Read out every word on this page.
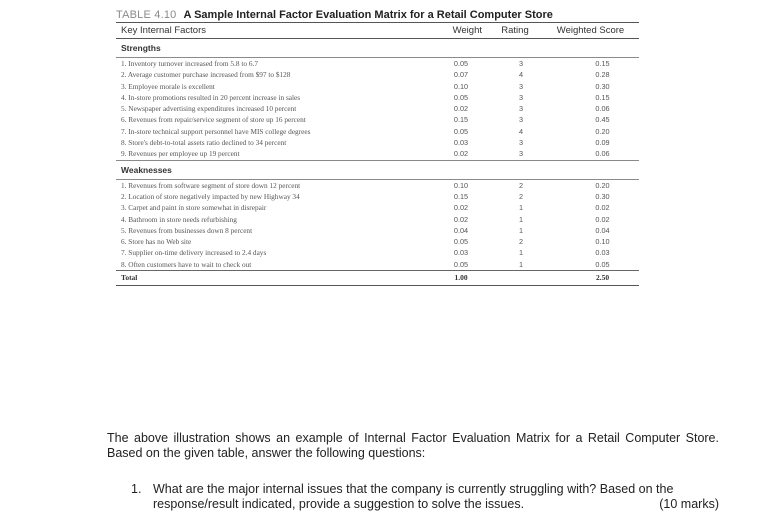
TABLE 4.10 A Sample Internal Factor Evaluation Matrix for a Retail Computer Store
Key Internal Factors	Weight	Rating	Weighted Score
Strengths			
1. Inventory turnover increased from 5.8 to 6.7	0.05	3	0.15
2. Average customer purchase increased from $97 to $128	0.07	4	0.28
3. Employee morale is excellent	0.10	3	0.30
4. In-store promotions resulted in 20 percent increase in sales	0.05	3	0.15
5. Newspaper advertising expenditures increased 10 percent	0.02	3	0.06
6. Revenues from repair/service segment of store up 16 percent	0.15	3	0.45
7. In-store technical support personnel have MIS college degrees	0.05	4	0.20
8. Store's debt-to-total assets ratio declined to 34 percent	0.03	3	0.09
9. Revenues per employee up 19 percent	0.02	3	0.06
Weaknesses			
1. Revenues from software segment of store down 12 percent	0.10	2	0.20
2. Location of store negatively impacted by new Highway 34	0.15	2	0.30
3. Carpet and paint in store somewhat in disrepair	0.02	1	0.02
4. Bathroom in store needs refurbishing	0.02	1	0.02
5. Revenues from businesses down 8 percent	0.04	1	0.04
6. Store has no Web site	0.05	2	0.10
7. Supplier on-time delivery increased to 2.4 days	0.03	1	0.03
8. Often customers have to wait to check out	0.05	1	0.05
Total	1.00		2.50
The above illustration shows an example of Internal Factor Evaluation Matrix for a Retail Computer Store. Based on the given table, answer the following questions:
1. What are the major internal issues that the company is currently struggling with? Based on the response/result indicated, provide a suggestion to solve the issues.	(10 marks)
